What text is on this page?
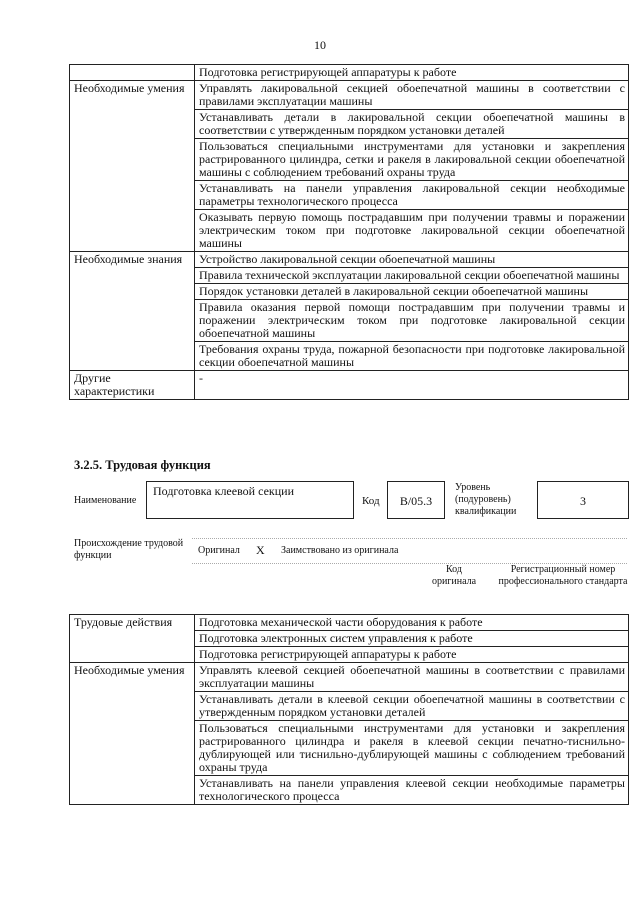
10
	Подготовка регистрирующей аппаратуры к работе
Необходимые умения	Управлять лакировальной секцией обоепечатной машины в соответствии с правилами эксплуатации машины
	Устанавливать детали в лакировальной секции обоепечатной машины в соответствии с утвержденным порядком установки деталей
	Пользоваться специальными инструментами для установки и закрепления растрированного цилиндра, сетки и ракеля в лакировальной секции обоепечатной машины с соблюдением требований охраны труда
	Устанавливать на панели управления лакировальной секции необходимые параметры технологического процесса
	Оказывать первую помощь пострадавшим при получении травмы и поражении электрическим током при подготовке лакировальной секции обоепечатной машины
Необходимые знания	Устройство лакировальной секции обоепечатной машины
	Правила технической эксплуатации лакировальной секции обоепечатной машины
	Порядок установки деталей в лакировальной секции обоепечатной машины
	Правила оказания первой помощи пострадавшим при получении травмы и поражении электрическим током при подготовке лакировальной секции обоепечатной машины
	Требования охраны труда, пожарной безопасности при подготовке лакировальной секции обоепечатной машины
Другие характеристики	-
3.2.5. Трудовая функция
Наименование
Подготовка клеевой секции
Код	B/05.3
Уровень (подуровень) квалификации
3
Происхождение трудовой функции	Оригинал X Заимствовано из оригинала
Код оригинала
Регистрационный номер профессионального стандарта
Трудовые действия	Подготовка механической части оборудования к работе
	Подготовка электронных систем управления к работе
	Подготовка регистрирующей аппаратуры к работе
Необходимые умения	Управлять клеевой секцией обоепечатной машины в соответствии с правилами эксплуатации машины
	Устанавливать детали в клеевой секции обоепечатной машины в соответствии с утвержденным порядком установки деталей
	Пользоваться специальными инструментами для установки и закрепления растрированного цилиндра и ракеля в клеевой секции печатно-тиснильно-дублирующей или тиснильно-дублирующей машины с соблюдением требований охраны труда
	Устанавливать на панели управления клеевой секции необходимые параметры технологического процесса
